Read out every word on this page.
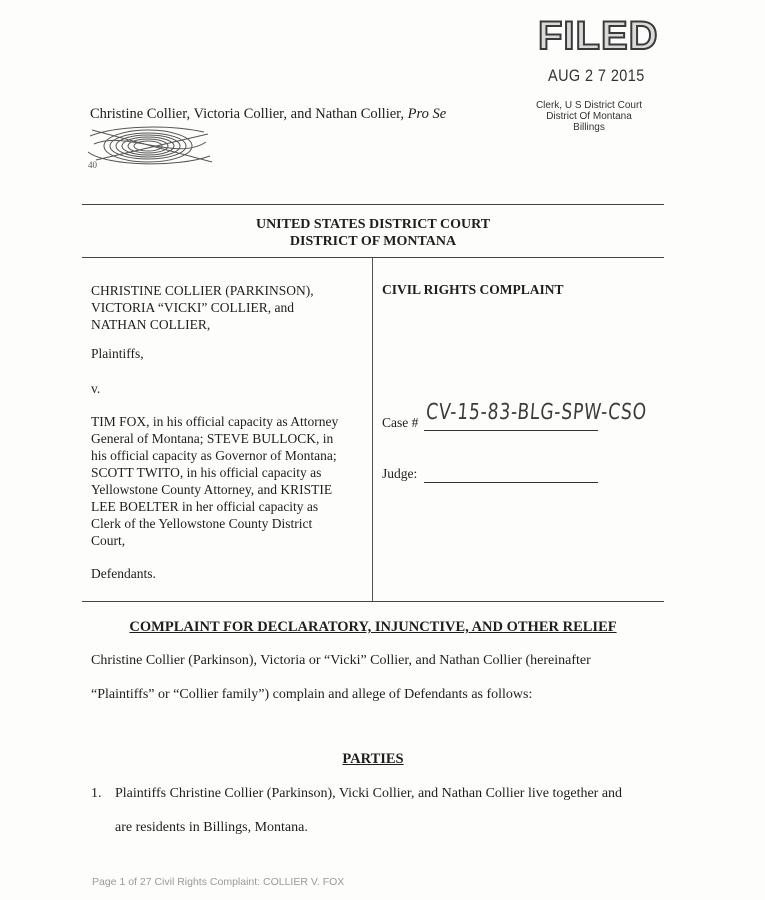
FILED
AUG 2 7 2015
Clerk, U S District Court
District Of Montana
Billings
Christine Collier, Victoria Collier, and Nathan Collier, Pro Se
40
UNITED STATES DISTRICT COURT
DISTRICT OF MONTANA
CHRISTINE COLLIER (PARKINSON),
VICTORIA “VICKI” COLLIER, and
NATHAN COLLIER,
Plaintiffs,
v.
TIM FOX, in his official capacity as Attorney
General of Montana; STEVE BULLOCK, in
his official capacity as Governor of Montana;
SCOTT TWITO, in his official capacity as
Yellowstone County Attorney, and KRISTIE
LEE BOELTER in her official capacity as
Clerk of the Yellowstone County District
Court,
Defendants.
CIVIL RIGHTS COMPLAINT
Case # CV-15-83-BLG-SPW-CSO
Judge:
COMPLAINT FOR DECLARATORY, INJUNCTIVE, AND OTHER RELIEF
Christine Collier (Parkinson), Victoria or “Vicki” Collier, and Nathan Collier (hereinafter
“Plaintiffs” or “Collier family”) complain and allege of Defendants as follows:
PARTIES
1. Plaintiffs Christine Collier (Parkinson), Vicki Collier, and Nathan Collier live together and
are residents in Billings, Montana.
Page 1 of 27 Civil Rights Complaint: COLLIER V. FOX
